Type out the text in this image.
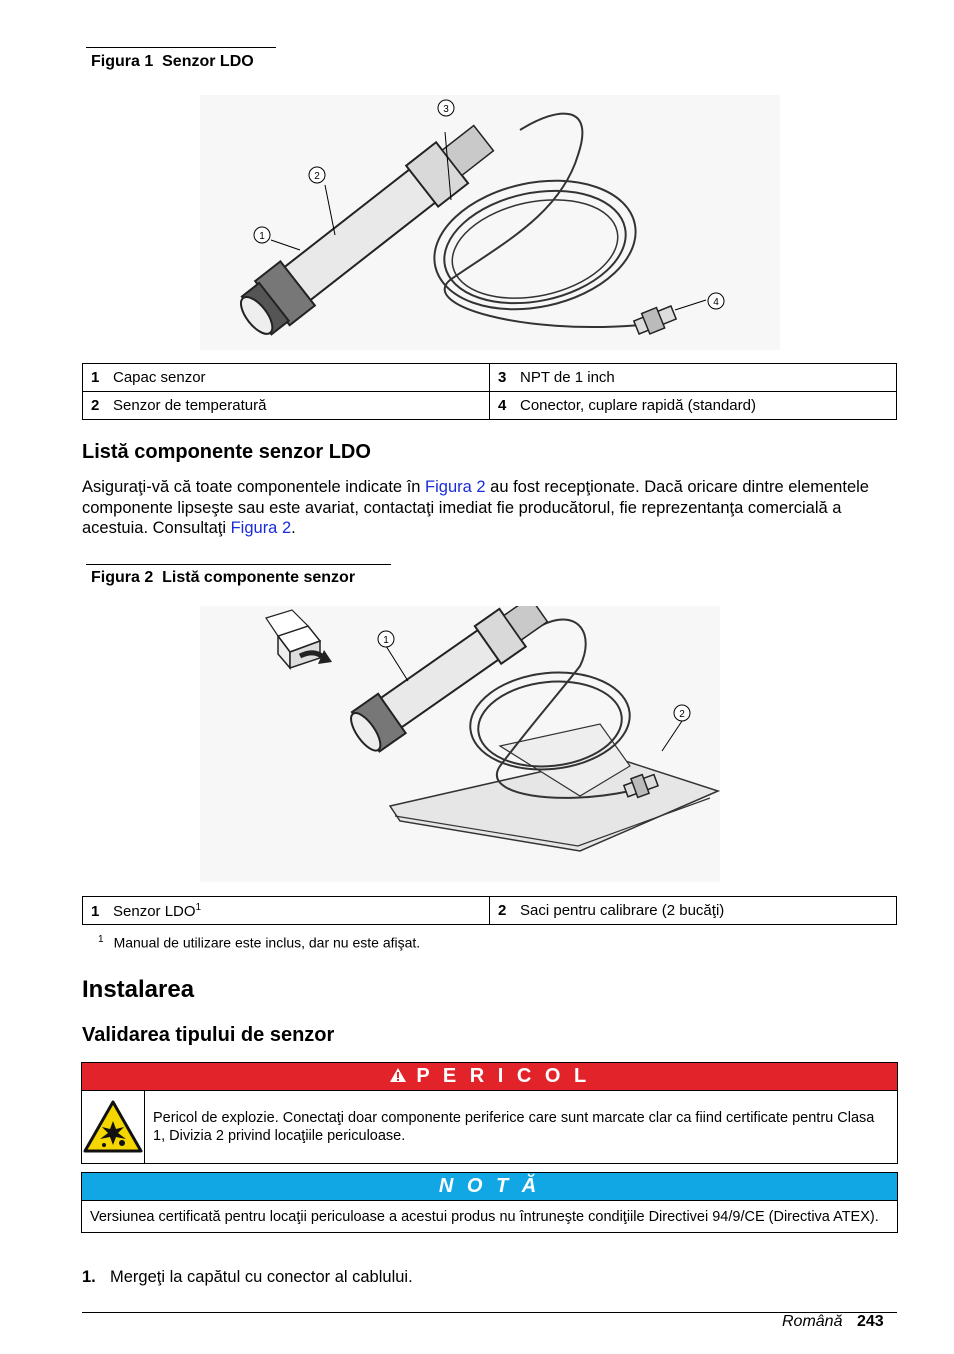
Figura 1  Senzor LDO
3
2
1
4
1 Capac senzor	3 NPT de 1 inch
2 Senzor de temperatură	4 Conector, cuplare rapidă (standard)
Listă componente senzor LDO
Asiguraţi-vă că toate componentele indicate în Figura 2 au fost recepţionate. Dacă oricare dintre elementele componente lipseşte sau este avariat, contactaţi imediat fie producătorul, fie reprezentanţa comercială a acestuia. Consultaţi Figura 2.
Figura 2  Listă componente senzor
1
2
1 Senzor LDO$^1$	2 Saci pentru calibrare (2 bucăţi)
$^1$ Manual de utilizare este inclus, dar nu este afişat.
Instalarea
Validarea tipului de senzor
P E R I C O L
Pericol de explozie. Conectaţi doar componente periferice care sunt marcate clar ca fiind certificate pentru Clasa 1, Divizia 2 privind locaţiile periculoase.
N O T Ă
Versiunea certificată pentru locaţii periculoase a acestui produs nu întruneşte condiţiile Directivei 94/9/CE (Directiva ATEX).
1. Mergeţi la capătul cu conector al cablului.
Română 243
